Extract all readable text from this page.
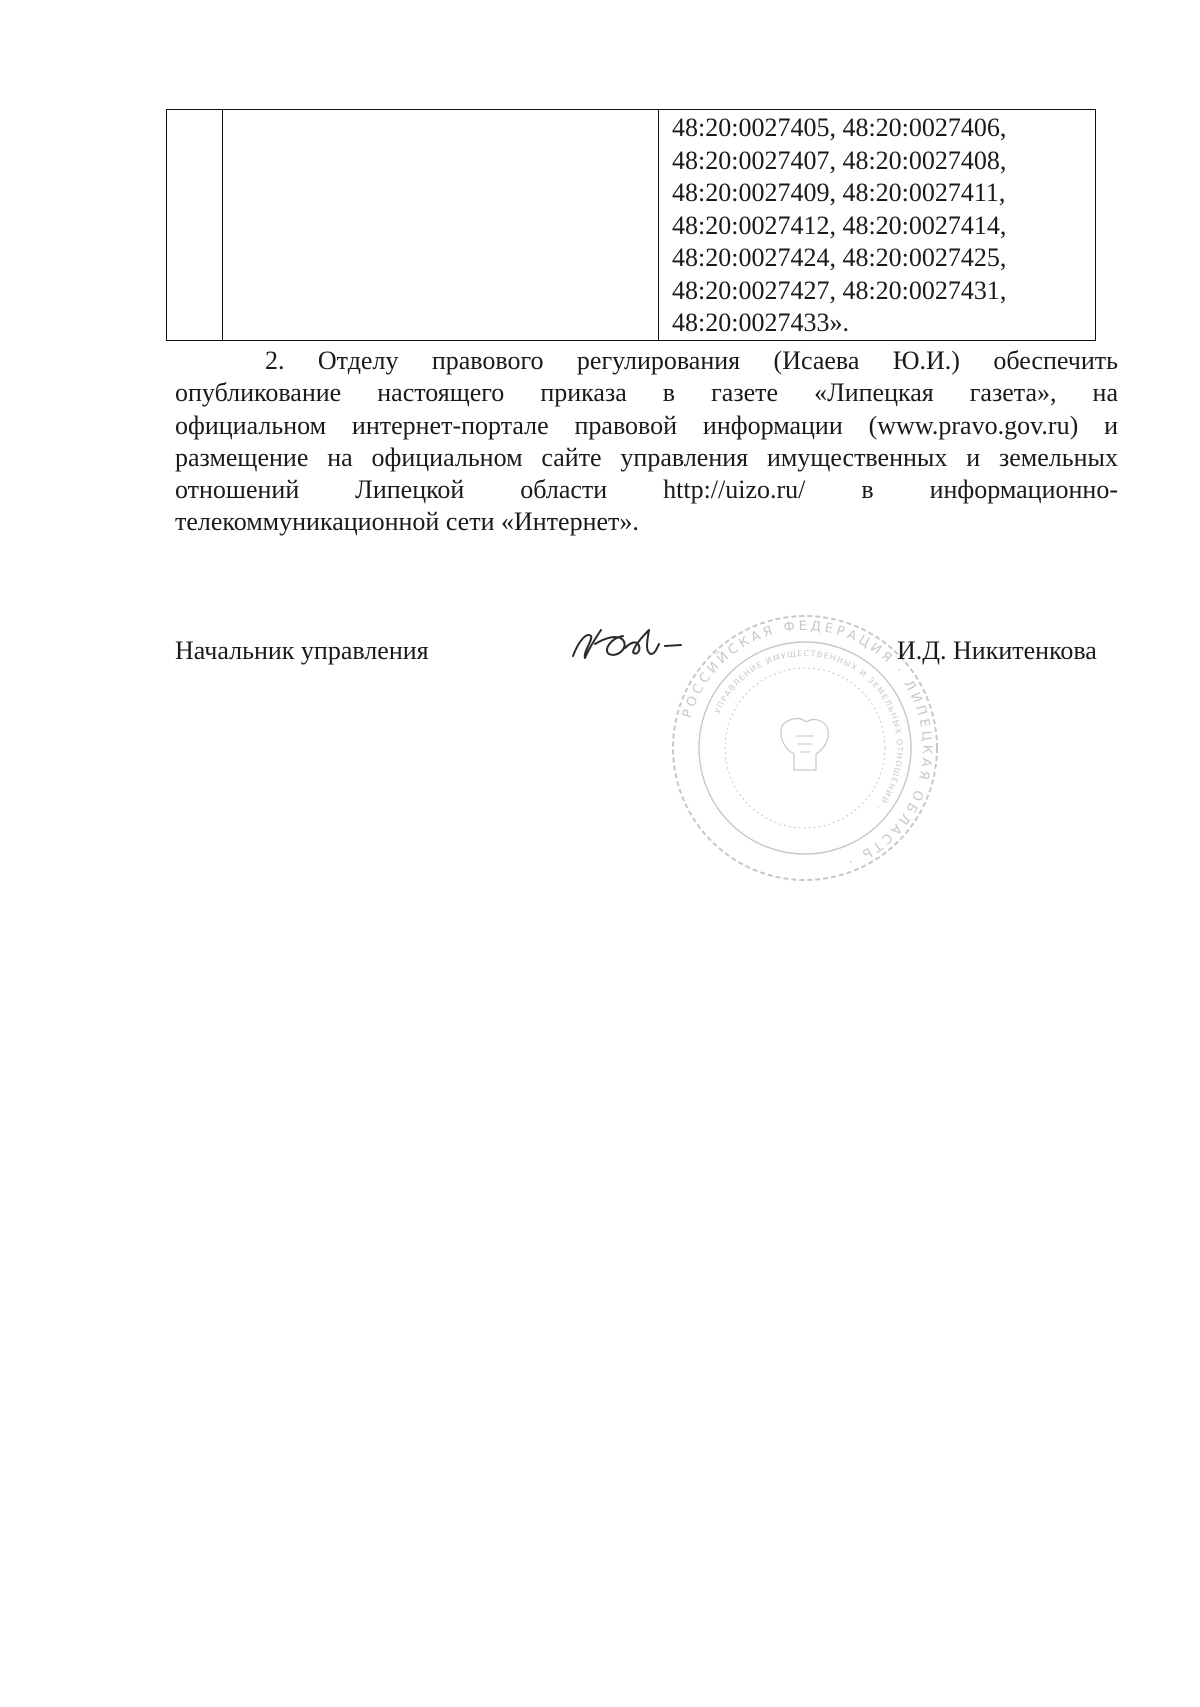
48:20:0027405, 48:20:0027406,
48:20:0027407, 48:20:0027408,
48:20:0027409, 48:20:0027411,
48:20:0027412, 48:20:0027414,
48:20:0027424, 48:20:0027425,
48:20:0027427, 48:20:0027431,
48:20:0027433».
2. Отделу правового регулирования (Исаева Ю.И.) обеспечить
опубликование настоящего приказа в газете «Липецкая газета», на
официальном интернет-портале правовой информации (www.pravo.gov.ru) и
размещение на официальном сайте управления имущественных и земельных
отношений Липецкой области http://uizo.ru/ в информационно-
телекоммуникационной сети «Интернет».
Начальник управления
РОССИЙСКАЯ ФЕДЕРАЦИЯ · ЛИПЕЦКАЯ ОБЛАСТЬ ·
УПРАВЛЕНИЕ ИМУЩЕСТВЕННЫХ И ЗЕМЕЛЬНЫХ ОТНОШЕНИЙ ·
И.Д. Никитенкова
